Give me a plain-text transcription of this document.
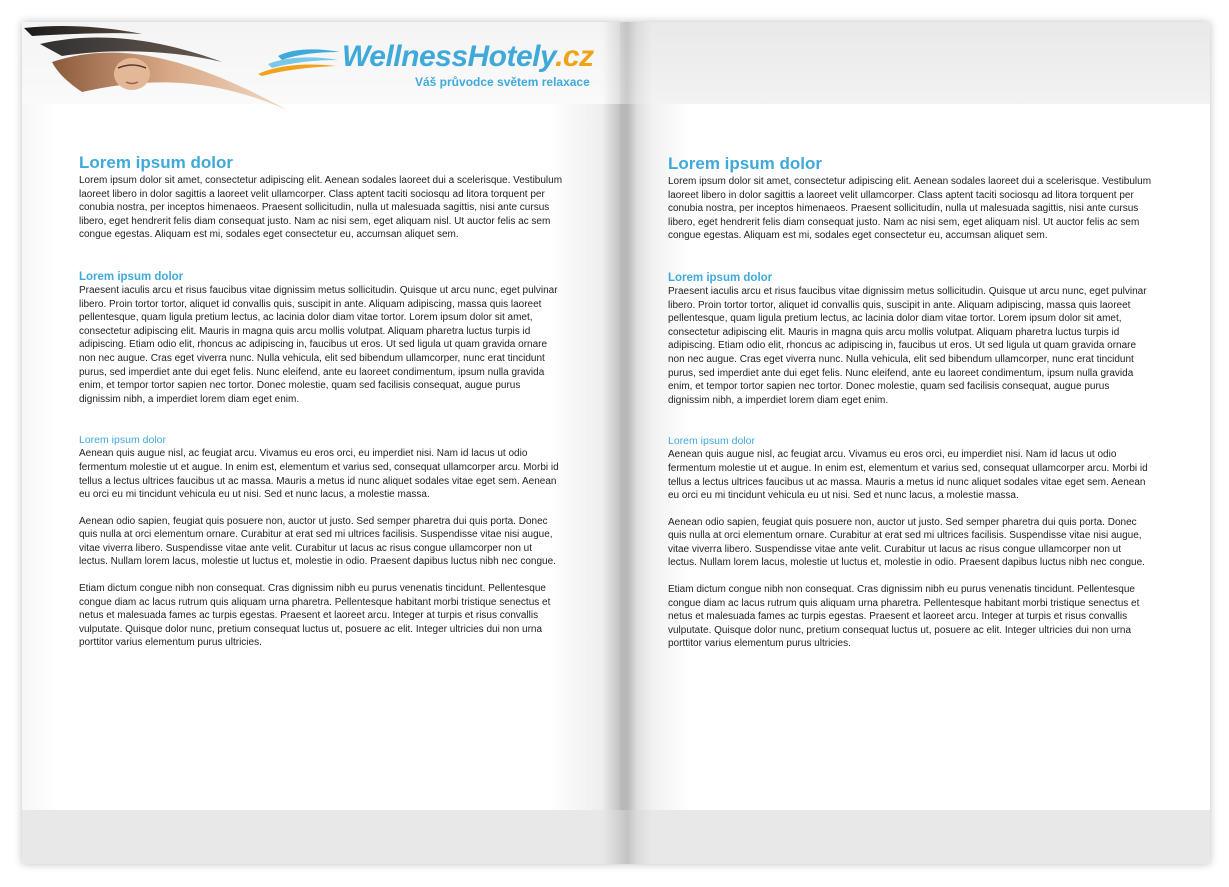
WellnessHotely.cz
Váš průvodce světem relaxace
Lorem ipsum dolor

Lorem ipsum dolor sit amet, consectetur adipiscing elit. Aenean sodales laoreet dui a scelerisque. Vestibulum laoreet libero in dolor sagittis a laoreet velit ullamcorper. Class aptent taciti sociosqu ad litora torquent per conubia nostra, per inceptos himenaeos. Praesent sollicitudin, nulla ut malesuada sagittis, nisi ante cursus libero, eget hendrerit felis diam consequat justo. Nam ac nisi sem, eget aliquam nisl. Ut auctor felis ac sem congue egestas. Aliquam est mi, sodales eget consectetur eu, accumsan aliquet sem.

Lorem ipsum dolor

Praesent iaculis arcu et risus faucibus vitae dignissim metus sollicitudin. Quisque ut arcu nunc, eget pulvinar libero. Proin tortor tortor, aliquet id convallis quis, suscipit in ante. Aliquam adipiscing, massa quis laoreet pellentesque, quam ligula pretium lectus, ac lacinia dolor diam vitae tortor. Lorem ipsum dolor sit amet, consectetur adipiscing elit. Mauris in magna quis arcu mollis volutpat. Aliquam pharetra luctus turpis id adipiscing. Etiam odio elit, rhoncus ac adipiscing in, faucibus ut eros. Ut sed ligula ut quam gravida ornare non nec augue. Cras eget viverra nunc. Nulla vehicula, elit sed bibendum ullamcorper, nunc erat tincidunt purus, sed imperdiet ante dui eget felis. Nunc eleifend, ante eu laoreet condimentum, ipsum nulla gravida enim, et tempor tortor sapien nec tortor. Donec molestie, quam sed facilisis consequat, augue purus dignissim nibh, a imperdiet lorem diam eget enim.

Lorem ipsum dolor

Aenean quis augue nisl, ac feugiat arcu. Vivamus eu eros orci, eu imperdiet nisi. Nam id lacus ut odio fermentum molestie ut et augue. In enim est, elementum et varius sed, consequat ullamcorper arcu. Morbi id tellus a lectus ultrices faucibus ut ac massa. Mauris a metus id nunc aliquet sodales vitae eget sem. Aenean eu orci eu mi tincidunt vehicula eu ut nisi. Sed et nunc lacus, a molestie massa.

Aenean odio sapien, feugiat quis posuere non, auctor ut justo. Sed semper pharetra dui quis porta. Donec quis nulla at orci elementum ornare. Curabitur at erat sed mi ultrices facilisis. Suspendisse vitae nisi augue, vitae viverra libero. Suspendisse vitae ante velit. Curabitur ut lacus ac risus congue ullamcorper non ut lectus. Nullam lorem lacus, molestie ut luctus et, molestie in odio. Praesent dapibus luctus nibh nec congue.

Etiam dictum congue nibh non consequat. Cras dignissim nibh eu purus venenatis tincidunt. Pellentesque congue diam ac lacus rutrum quis aliquam urna pharetra. Pellentesque habitant morbi tristique senectus et netus et malesuada fames ac turpis egestas. Praesent et laoreet arcu. Integer at turpis et risus convallis vulputate. Quisque dolor nunc, pretium consequat luctus ut, posuere ac elit. Integer ultricies dui non urna porttitor varius elementum purus ultricies.

Lorem ipsum dolor

Lorem ipsum dolor sit amet, consectetur adipiscing elit. Aenean sodales laoreet dui a scelerisque. Vestibulum laoreet libero in dolor sagittis a laoreet velit ullamcorper. Class aptent taciti sociosqu ad litora torquent per conubia nostra, per inceptos himenaeos. Praesent sollicitudin, nulla ut malesuada sagittis, nisi ante cursus libero, eget hendrerit felis diam consequat justo. Nam ac nisi sem, eget aliquam nisl. Ut auctor felis ac sem congue egestas. Aliquam est mi, sodales eget consectetur eu, accumsan aliquet sem.

Lorem ipsum dolor

Praesent iaculis arcu et risus faucibus vitae dignissim metus sollicitudin. Quisque ut arcu nunc, eget pulvinar libero. Proin tortor tortor, aliquet id convallis quis, suscipit in ante. Aliquam adipiscing, massa quis laoreet pellentesque, quam ligula pretium lectus, ac lacinia dolor diam vitae tortor. Lorem ipsum dolor sit amet, consectetur adipiscing elit. Mauris in magna quis arcu mollis volutpat. Aliquam pharetra luctus turpis id adipiscing. Etiam odio elit, rhoncus ac adipiscing in, faucibus ut eros. Ut sed ligula ut quam gravida ornare non nec augue. Cras eget viverra nunc. Nulla vehicula, elit sed bibendum ullamcorper, nunc erat tincidunt purus, sed imperdiet ante dui eget felis. Nunc eleifend, ante eu laoreet condimentum, ipsum nulla gravida enim, et tempor tortor sapien nec tortor. Donec molestie, quam sed facilisis consequat, augue purus dignissim nibh, a imperdiet lorem diam eget enim.

Lorem ipsum dolor

Aenean quis augue nisl, ac feugiat arcu. Vivamus eu eros orci, eu imperdiet nisi. Nam id lacus ut odio fermentum molestie ut et augue. In enim est, elementum et varius sed, consequat ullamcorper arcu. Morbi id tellus a lectus ultrices faucibus ut ac massa. Mauris a metus id nunc aliquet sodales vitae eget sem. Aenean eu orci eu mi tincidunt vehicula eu ut nisi. Sed et nunc lacus, a molestie massa.

Aenean odio sapien, feugiat quis posuere non, auctor ut justo. Sed semper pharetra dui quis porta. Donec quis nulla at orci elementum ornare. Curabitur at erat sed mi ultrices facilisis. Suspendisse vitae nisi augue, vitae viverra libero. Suspendisse vitae ante velit. Curabitur ut lacus ac risus congue ullamcorper non ut lectus. Nullam lorem lacus, molestie ut luctus et, molestie in odio. Praesent dapibus luctus nibh nec congue.

Etiam dictum congue nibh non consequat. Cras dignissim nibh eu purus venenatis tincidunt. Pellentesque congue diam ac lacus rutrum quis aliquam urna pharetra. Pellentesque habitant morbi tristique senectus et netus et malesuada fames ac turpis egestas. Praesent et laoreet arcu. Integer at turpis et risus convallis vulputate. Quisque dolor nunc, pretium consequat luctus ut, posuere ac elit. Integer ultricies dui non urna porttitor varius elementum purus ultricies.
